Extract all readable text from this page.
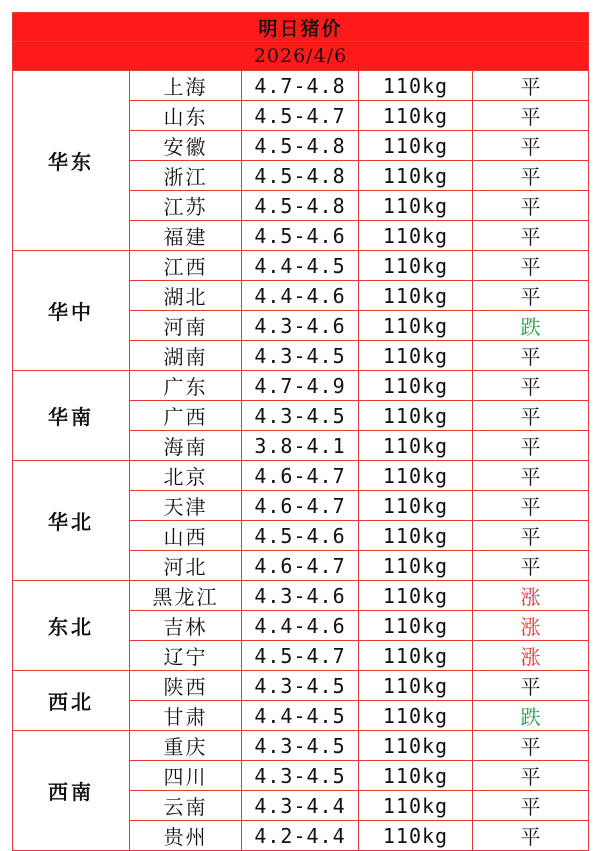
明日猪价				
2026/4/6				
华东	上海	4.7-4.8	110kg	平
	山东	4.5-4.7	110kg	平
	安徽	4.5-4.8	110kg	平
	浙江	4.5-4.8	110kg	平
	江苏	4.5-4.8	110kg	平
	福建	4.5-4.6	110kg	平
华中	江西	4.4-4.5	110kg	平
	湖北	4.4-4.6	110kg	平
	河南	4.3-4.6	110kg	跌
	湖南	4.3-4.5	110kg	平
华南	广东	4.7-4.9	110kg	平
	广西	4.3-4.5	110kg	平
	海南	3.8-4.1	110kg	平
华北	北京	4.6-4.7	110kg	平
	天津	4.6-4.7	110kg	平
	山西	4.5-4.6	110kg	平
	河北	4.6-4.7	110kg	平
东北	黑龙江	4.3-4.6	110kg	涨
	吉林	4.4-4.6	110kg	涨
	辽宁	4.5-4.7	110kg	涨
西北	陕西	4.3-4.5	110kg	平
	甘肃	4.4-4.5	110kg	跌
西南	重庆	4.3-4.5	110kg	平
	四川	4.3-4.5	110kg	平
	云南	4.3-4.4	110kg	平
	贵州	4.2-4.4	110kg	平
